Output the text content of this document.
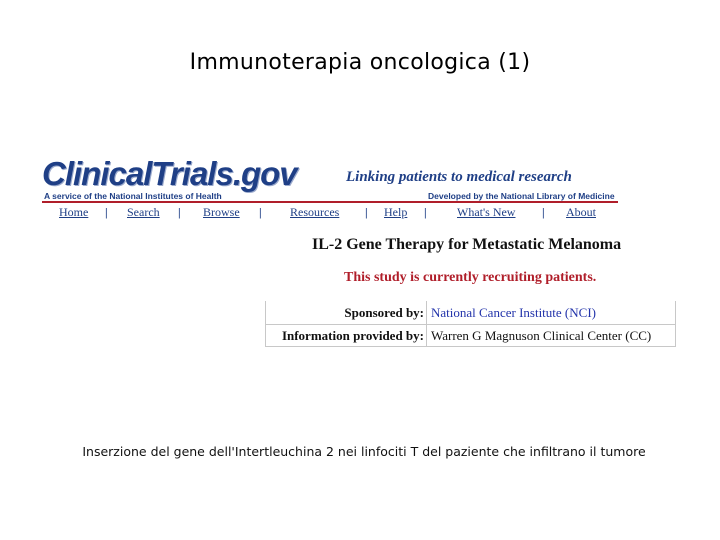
Immunoterapia oncologica (1)
ClinicalTrials.gov
A service of the National Institutes of Health
Linking patients to medical research
Developed by the National Library of Medicine
Home | Search | Browse | Resources | Help |	What's New | About
IL-2 Gene Therapy for Metastatic Melanoma
This study is currently recruiting patients.
Sponsored by: National Cancer Institute (NCI)
Information provided by: Warren G Magnuson Clinical Center (CC)
Inserzione del gene dell'Intertleuchina 2 nei linfociti T del paziente che infiltrano il tumore
